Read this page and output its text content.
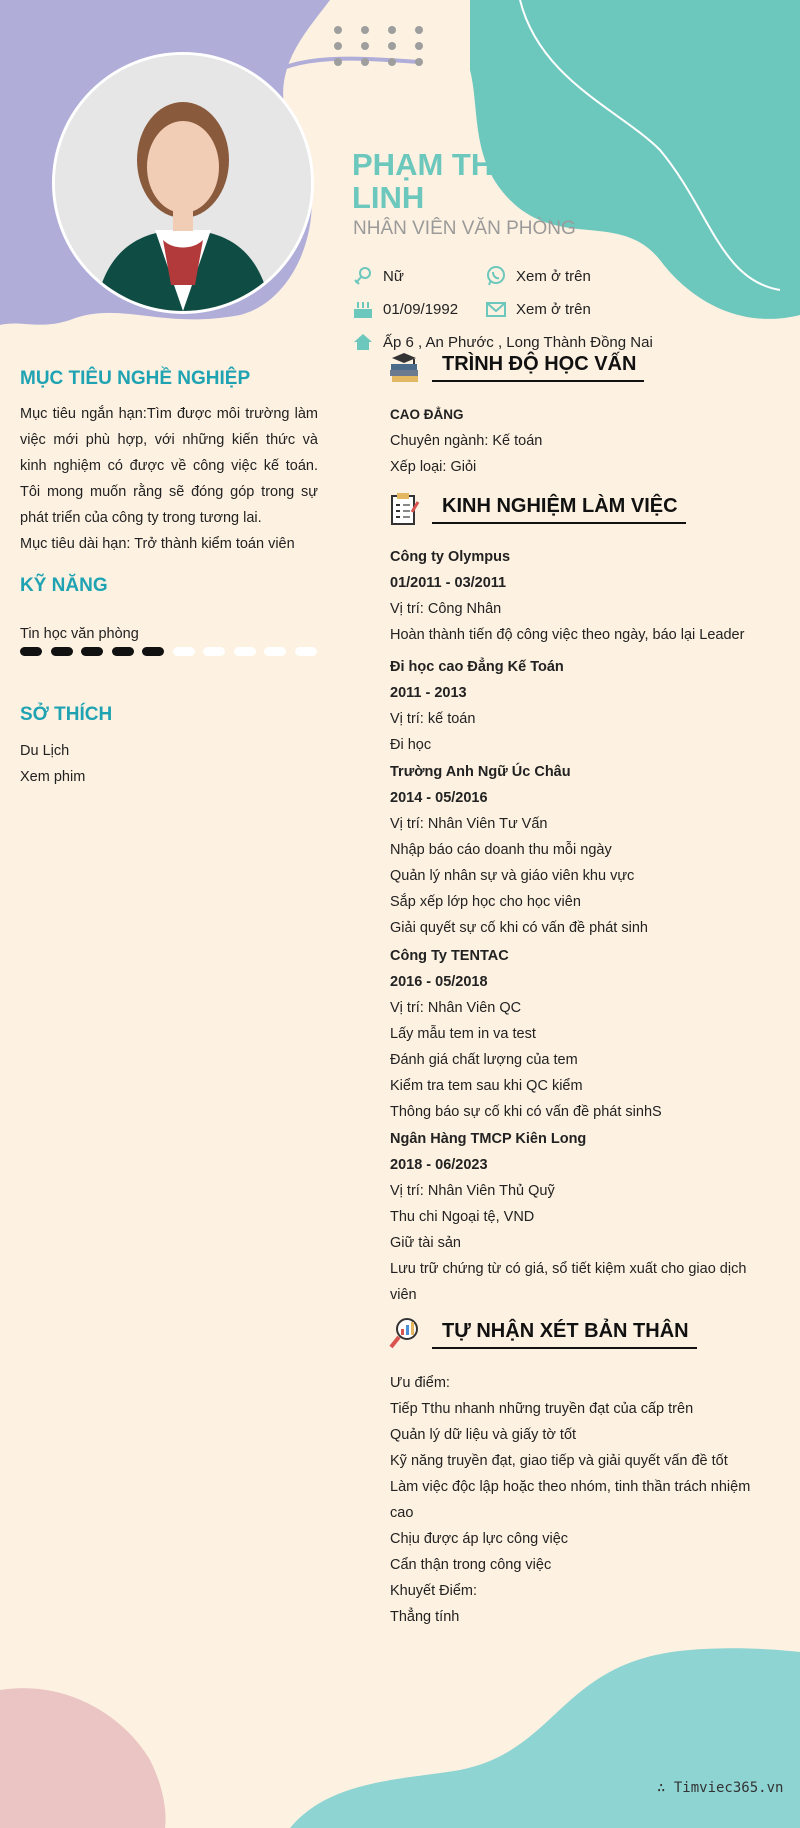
PHẠM THỊ THUỲ LINH
NHÂN VIÊN VĂN PHÒNG
Nữ	Xem ở trên
01/09/1992	Xem ở trên
Ấp 6 , An Phước , Long Thành Đồng Nai
MỤC TIÊU NGHỀ NGHIỆP
Mục tiêu ngắn hạn:Tìm được môi trường làm việc mới phù hợp, với những kiến thức và kinh nghiệm có được về công việc kế toán. Tôi mong muốn rằng sẽ đóng góp trong sự phát triển của công ty trong tương lai.
Mục tiêu dài hạn: Trở thành kiểm toán viên
KỸ NĂNG
Tin học văn phòng
SỞ THÍCH
Du Lịch
Xem phim
TRÌNH ĐỘ HỌC VẤN
CAO ĐẲNG
Chuyên ngành: Kế toán
Xếp loại: Giỏi
KINH NGHIỆM LÀM VIỆC
Công ty Olympus
01/2011 - 03/2011
Vị trí: Công Nhân
Hoàn thành tiến độ công việc theo ngày, báo lại Leader
Đi học cao Đẳng Kế Toán
2011 - 2013
Vị trí: kế toán
Đi học
Trường Anh Ngữ Úc Châu
2014 - 05/2016
Vị trí: Nhân Viên Tư Vấn
Nhập báo cáo doanh thu mỗi ngày
Quản lý nhân sự và giáo viên khu vực
Sắp xếp lớp học cho học viên
Giải quyết sự cố khi có vấn đề phát sinh
Công Ty TENTAC
2016 - 05/2018
Vị trí: Nhân Viên QC
Lấy mẫu tem in va test
Đánh giá chất lượng của tem
Kiểm tra tem sau khi QC kiểm
Thông báo sự cố khi có vấn đề phát sinhS
Ngân Hàng TMCP Kiên Long
2018 - 06/2023
Vị trí: Nhân Viên Thủ Quỹ
Thu chi Ngoại tệ, VND
Giữ tài sản
Lưu trữ chứng từ có giá, sổ tiết kiệm xuất cho giao dịch viên
TỰ NHẬN XÉT BẢN THÂN
Ưu điểm:
Tiếp Tthu nhanh những truyền đạt của cấp trên
Quản lý dữ liệu và giấy tờ tốt
Kỹ năng truyền đạt, giao tiếp và giải quyết vấn đề tốt
Làm việc độc lập hoặc theo nhóm, tinh thần trách nhiệm cao
Chịu được áp lực công việc
Cẩn thận trong công việc
Khuyết Điểm:
Thẳng tính
∴ Timviec365.vn
